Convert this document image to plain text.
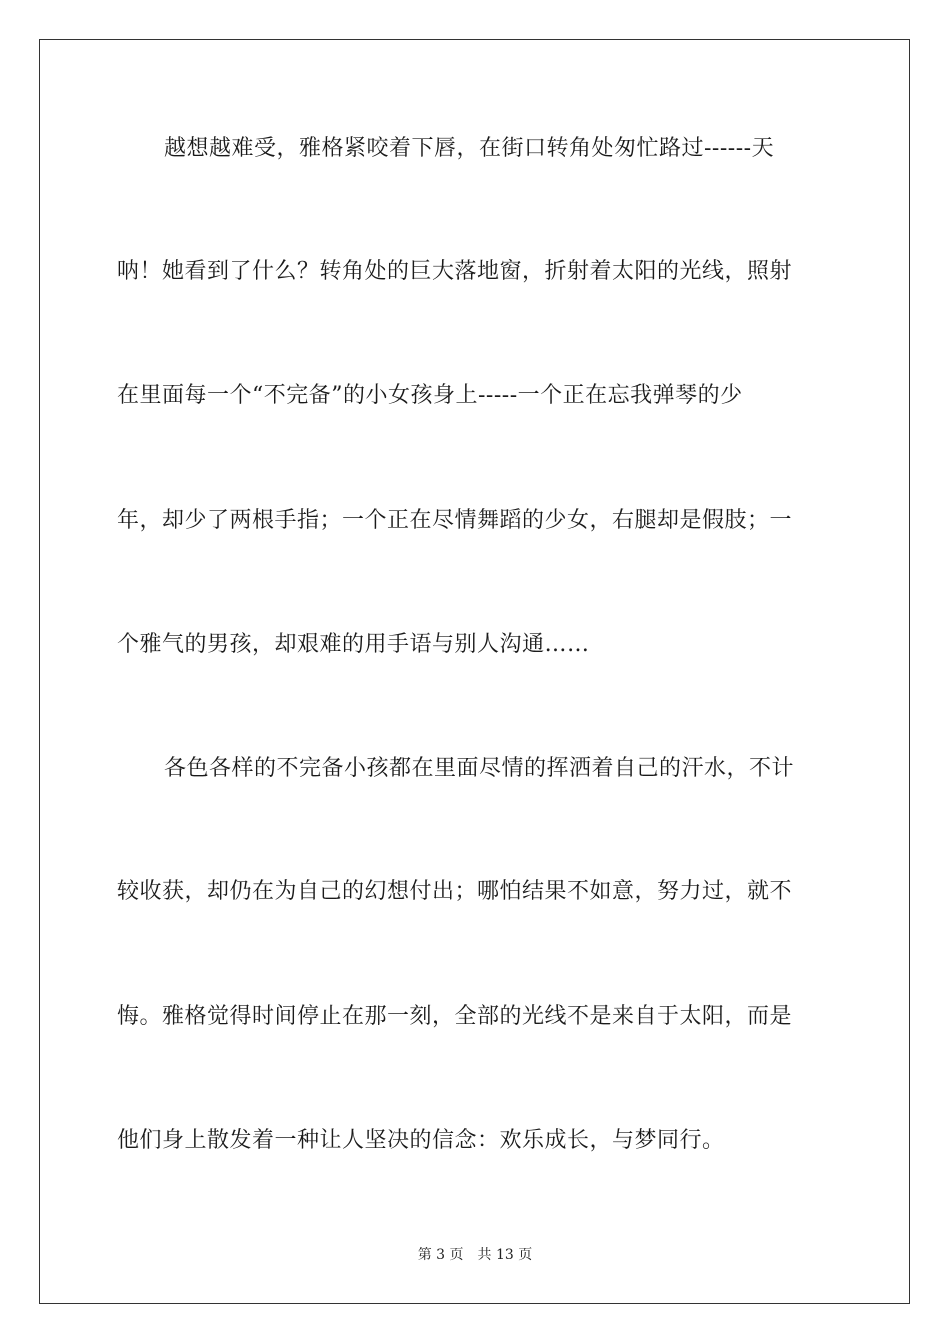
越想越难受，雅格紧咬着下唇，在街口转角处匆忙路过------天
呐！她看到了什么？转角处的巨大落地窗，折射着太阳的光线，照射
在里面每一个“不完备”的小女孩身上-----一个正在忘我弹琴的少
年，却少了两根手指；一个正在尽情舞蹈的少女，右腿却是假肢；一
个雅气的男孩，却艰难的用手语与别人沟通……
各色各样的不完备小孩都在里面尽情的挥洒着自己的汗水，不计
较收获，却仍在为自己的幻想付出；哪怕结果不如意，努力过，就不
悔。雅格觉得时间停止在那一刻，全部的光线不是来自于太阳，而是
他们身上散发着一种让人坚决的信念：欢乐成长，与梦同行。
第 3 页 共 13 页
